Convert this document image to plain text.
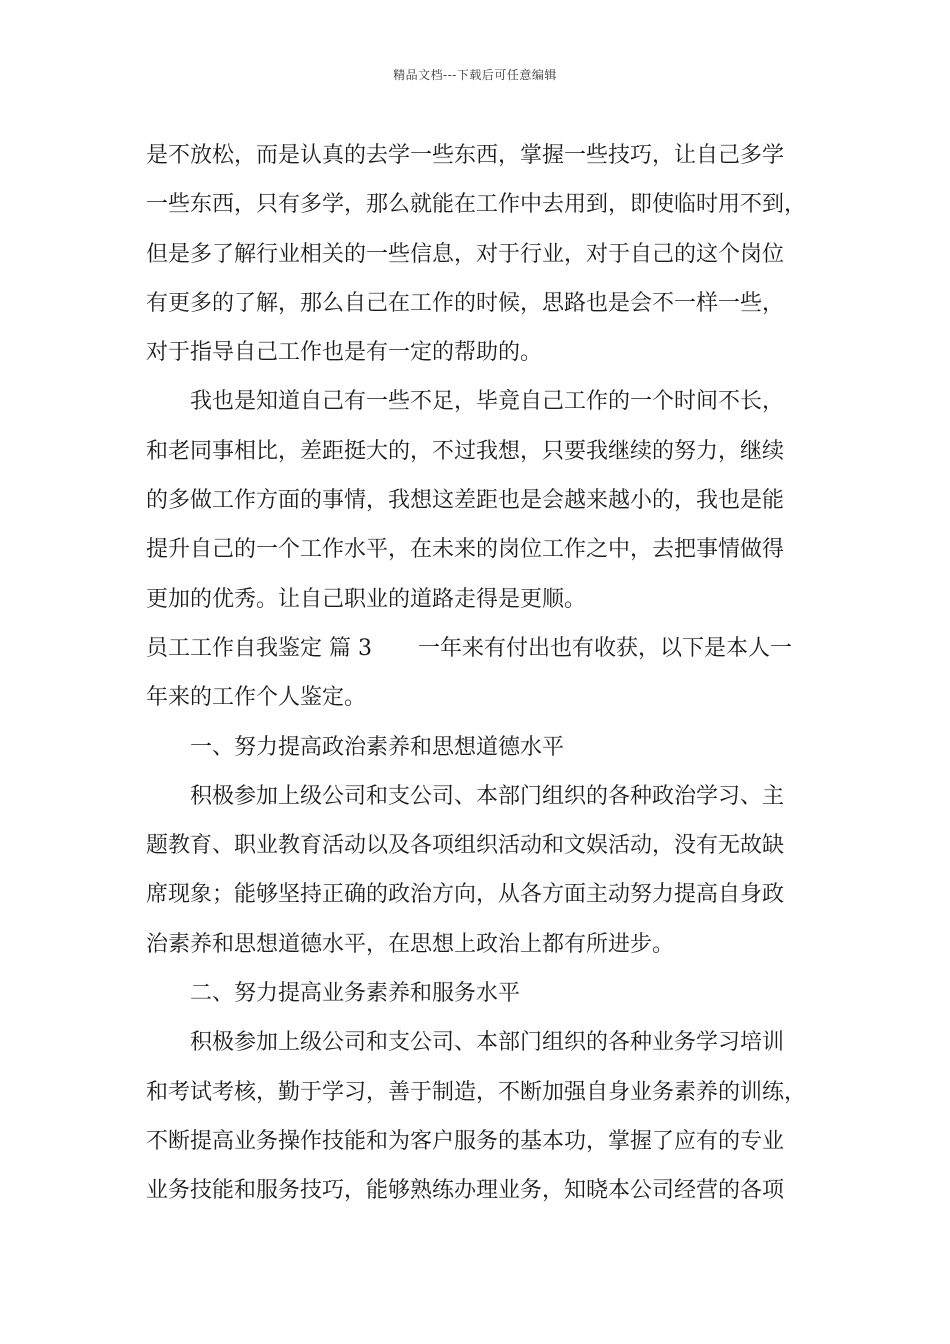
精品文档---下载后可任意编辑
是不放松，而是认真的去学一些东西，掌握一些技巧，让自己多学
一些东西，只有多学，那么就能在工作中去用到，即使临时用不到，
但是多了解行业相关的一些信息，对于行业，对于自己的这个岗位
有更多的了解，那么自己在工作的时候，思路也是会不一样一些，
对于指导自己工作也是有一定的帮助的。
我也是知道自己有一些不足，毕竟自己工作的一个时间不长，
和老同事相比，差距挺大的，不过我想，只要我继续的努力，继续
的多做工作方面的事情，我想这差距也是会越来越小的，我也是能
提升自己的一个工作水平，在未来的岗位工作之中，去把事情做得
更加的优秀。让自己职业的道路走得是更顺。
员工工作自我鉴定 篇 3 一年来有付出也有收获，以下是本人一
年来的工作个人鉴定。
一、努力提高政治素养和思想道德水平
积极参加上级公司和支公司、本部门组织的各种政治学习、主
题教育、职业教育活动以及各项组织活动和文娱活动，没有无故缺
席现象；能够坚持正确的政治方向，从各方面主动努力提高自身政
治素养和思想道德水平，在思想上政治上都有所进步。
二、努力提高业务素养和服务水平
积极参加上级公司和支公司、本部门组织的各种业务学习培训
和考试考核，勤于学习，善于制造，不断加强自身业务素养的训练，
不断提高业务操作技能和为客户服务的基本功，掌握了应有的专业
业务技能和服务技巧，能够熟练办理业务，知晓本公司经营的各项
